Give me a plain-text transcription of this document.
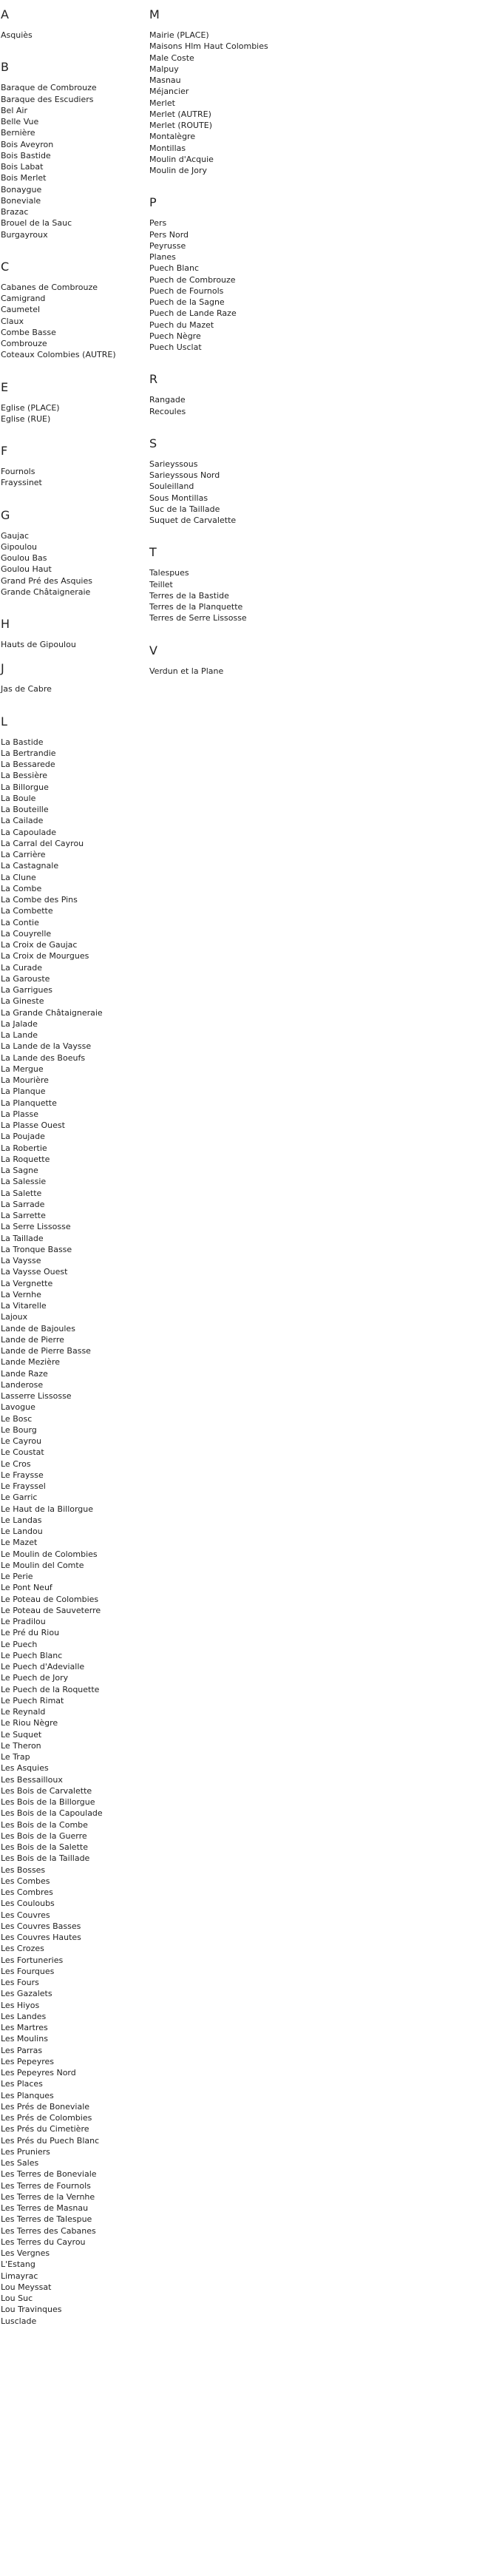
A
Asquiès
B
Baraque de Combrouze
Baraque des Escudiers
Bel Air
Belle Vue
Bernière
Bois Aveyron
Bois Bastide
Bois Labat
Bois Merlet
Bonaygue
Boneviale
Brazac
Brouel de la Sauc
Burgayroux
C
Cabanes de Combrouze
Camigrand
Caumetel
Claux
Combe Basse
Combrouze
Coteaux Colombies (AUTRE)
E
Eglise (PLACE)
Eglise (RUE)
F
Fournols
Frayssinet
G
Gaujac
Gipoulou
Goulou Bas
Goulou Haut
Grand Pré des Asquies
Grande Châtaigneraie
H
Hauts de Gipoulou
J
Jas de Cabre
L
La Bastide
La Bertrandie
La Bessarede
La Bessière
La Billorgue
La Boule
La Bouteille
La Cailade
La Capoulade
La Carral del Cayrou
La Carrière
La Castagnale
La Clune
La Combe
La Combe des Pins
La Combette
La Contie
La Couyrelle
La Croix de Gaujac
La Croix de Mourgues
La Curade
La Garouste
La Garrigues
La Gineste
La Grande Châtaigneraie
La Jalade
La Lande
La Lande de la Vaysse
La Lande des Boeufs
La Mergue
La Mourière
La Planque
La Planquette
La Plasse
La Plasse Ouest
La Poujade
La Robertie
La Roquette
La Sagne
La Salessie
La Salette
La Sarrade
La Sarrette
La Serre Lissosse
La Taillade
La Tronque Basse
La Vaysse
La Vaysse Ouest
La Vergnette
La Vernhe
La Vitarelle
Lajoux
Lande de Bajoules
Lande de Pierre
Lande de Pierre Basse
Lande Mezière
Lande Raze
Landerose
Lasserre Lissosse
Lavogue
Le Bosc
Le Bourg
Le Cayrou
Le Coustat
Le Cros
Le Fraysse
Le Frayssel
Le Garric
Le Haut de la Billorgue
Le Landas
Le Landou
Le Mazet
Le Moulin de Colombies
Le Moulin del Comte
Le Perie
Le Pont Neuf
Le Poteau de Colombies
Le Poteau de Sauveterre
Le Pradilou
Le Pré du Riou
Le Puech
Le Puech Blanc
Le Puech d'Adevialle
Le Puech de Jory
Le Puech de la Roquette
Le Puech Rimat
Le Reynald
Le Riou Nègre
Le Suquet
Le Theron
Le Trap
Les Asquies
Les Bessailloux
Les Bois de Carvalette
Les Bois de la Billorgue
Les Bois de la Capoulade
Les Bois de la Combe
Les Bois de la Guerre
Les Bois de la Salette
Les Bois de la Taillade
Les Bosses
Les Combes
Les Combres
Les Couloubs
Les Couvres
Les Couvres Basses
Les Couvres Hautes
Les Crozes
Les Fortuneries
Les Fourques
Les Fours
Les Gazalets
Les Hiyos
Les Landes
Les Martres
Les Moulins
Les Parras
Les Pepeyres
Les Pepeyres Nord
Les Places
Les Planques
Les Prés de Boneviale
Les Prés de Colombies
Les Prés du Cimetière
Les Prés du Puech Blanc
Les Pruniers
Les Sales
Les Terres de Boneviale
Les Terres de Fournols
Les Terres de la Vernhe
Les Terres de Masnau
Les Terres de Talespue
Les Terres des Cabanes
Les Terres du Cayrou
Les Vergnes
L'Estang
Limayrac
Lou Meyssat
Lou Suc
Lou Travinques
Lusclade
M
Mairie (PLACE)
Maisons Hlm Haut Colombies
Male Coste
Malpuy
Masnau
Méjancier
Merlet
Merlet (AUTRE)
Merlet (ROUTE)
Montalègre
Montillas
Moulin d'Acquie
Moulin de Jory
P
Pers
Pers Nord
Peyrusse
Planes
Puech Blanc
Puech de Combrouze
Puech de Fournols
Puech de la Sagne
Puech de Lande Raze
Puech du Mazet
Puech Nègre
Puech Usclat
R
Rangade
Recoules
S
Sarieyssous
Sarieyssous Nord
Souleilland
Sous Montillas
Suc de la Taillade
Suquet de Carvalette
T
Talespues
Teillet
Terres de la Bastide
Terres de la Planquette
Terres de Serre Lissosse
V
Verdun et la Plane
